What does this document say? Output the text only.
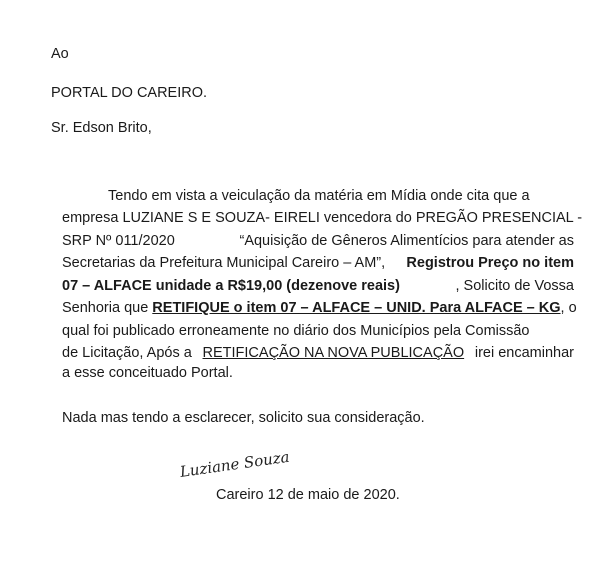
Ao
PORTAL DO CAREIRO.
Sr. Edson Brito,
Tendo em vista a veiculação da matéria em Mídia onde cita que a
empresa LUZIANE S E SOUZA- EIRELI vencedora do PREGÃO PRESENCIAL -
SRP Nº 011/2020	“Aquisição de Gêneros Alimentícios para atender as
Secretarias da Prefeitura Municipal Careiro – AM”, Registrou Preço no item
07 – ALFACE unidade a R$19,00 (dezenove reais)	, Solicito de Vossa
Senhoria que RETIFIQUE o item 07 – ALFACE – UNID. Para ALFACE – KG , o
qual foi publicado erroneamente no diário dos Municípios pela Comissão
de Licitação, Após a RETIFICAÇÃO NA NOVA PUBLICAÇÃO irei encaminhar
a esse conceituado Portal.
Nada mas tendo a esclarecer, solicito sua consideração.
Luziane Souza
Careiro 12 de maio de 2020.
